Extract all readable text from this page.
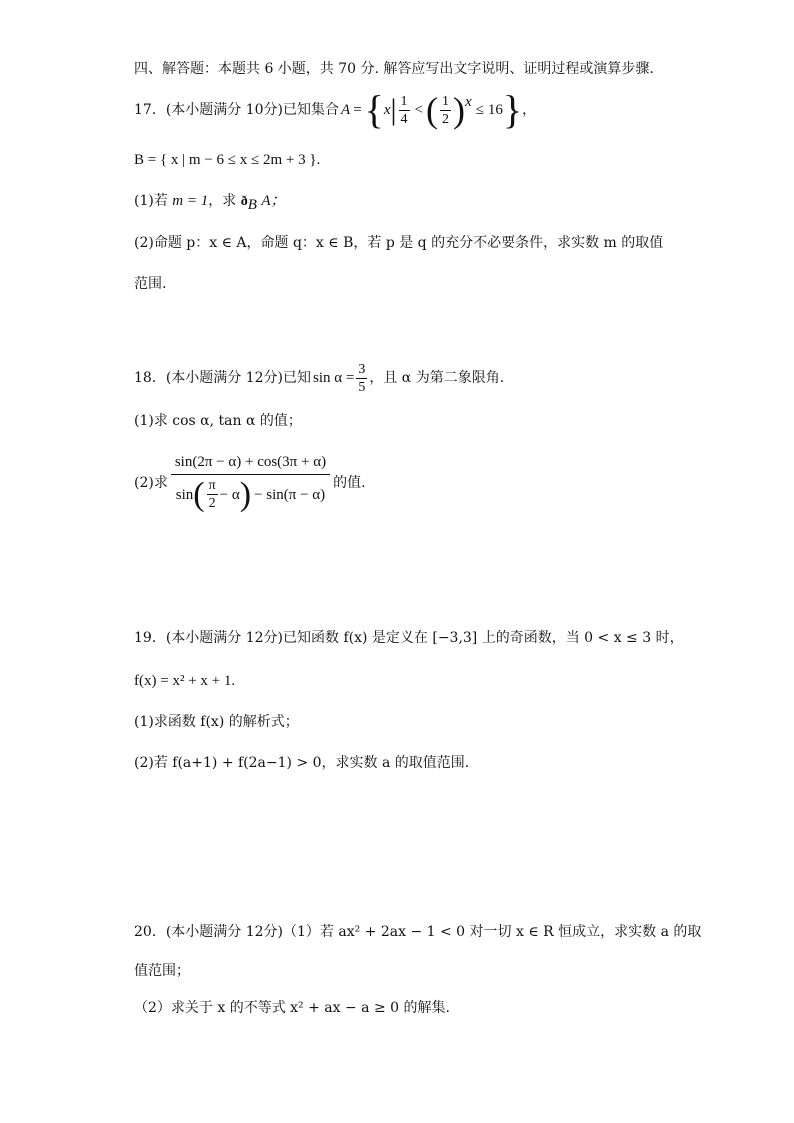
四、解答题：本题共 6 小题，共 70 分. 解答应写出文字说明、证明过程或演算步骤.
17．(本小题满分 10分)已知集合 A = { x | $\frac{1}{4}$ < ( $\frac{1}{2}$ ) x ≤ 16 } ，
B = { x | m − 6 ≤ x ≤ 2m + 3 }.
(1)若 m = 1，求 $ð_B$ A；
(2)命题 p：x ∈ A，命题 q：x ∈ B，若 p 是 q 的充分不必要条件，求实数 m 的取值
范围.
18．(本小题满分 12分)已知 $\sin \alpha = \frac{3}{5}$ ，且 α 为第二象限角.
(1)求 cos α, tan α 的值；
(2)求
sin(2π − α) + cos(3π + α)
sin ( $\frac{\pi}{2} - \alpha$ ) − sin(π − α)
的值.
19．(本小题满分 12分)已知函数 f(x) 是定义在 [−3,3] 上的奇函数，当 0 < x ≤ 3 时，
f(x) = x² + x + 1.
(1)求函数 f(x) 的解析式；
(2)若 f(a+1) + f(2a−1) > 0，求实数 a 的取值范围.
20．(本小题满分 12分)（1）若 ax² + 2ax − 1 < 0 对一切 x ∈ R 恒成立，求实数 a 的取
值范围；
（2）求关于 x 的不等式 x² + ax − a ≥ 0 的解集.
